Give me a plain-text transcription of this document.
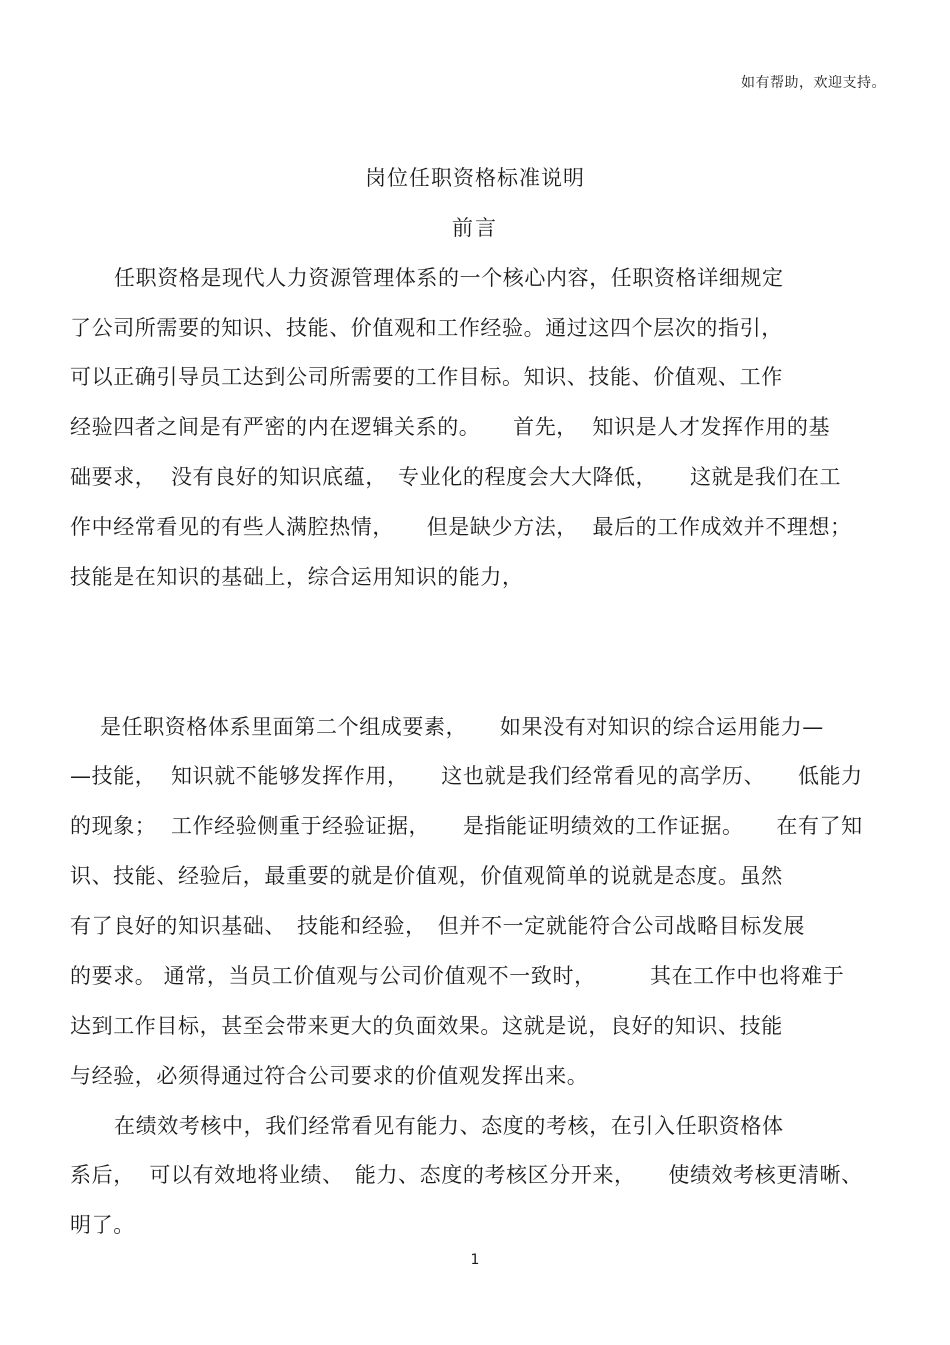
如有帮助，欢迎支持。
岗位任职资格标准说明
前言
任职资格是现代人力资源管理体系的一个核心内容，任职资格详细规定
了公司所需要的知识、技能、价值观和工作经验。通过这四个层次的指引，
可以正确引导员工达到公司所需要的工作目标。知识、技能、价值观、工作
经验四者之间是有严密的内在逻辑关系的。　　首先，  知识是人才发挥作用的基
础要求，  没有良好的知识底蕴，　专业化的程度会大大降低，　　这就是我们在工
作中经常看见的有些人满腔热情，　　但是缺少方法，  最后的工作成效并不理想；
技能是在知识的基础上，综合运用知识的能力，
是任职资格体系里面第二个组成要素，　　如果没有对知识的综合运用能力—
—技能，  知识就不能够发挥作用，　　这也就是我们经常看见的高学历、　　低能力
的现象；  工作经验侧重于经验证据，　　是指能证明绩效的工作证据。　　在有了知
识、技能、经验后，最重要的就是价值观，价值观简单的说就是态度。虽然
有了良好的知识基础、　技能和经验，　但并不一定就能符合公司战略目标发展
的要求。 通常，当员工价值观与公司价值观不一致时，　　　其在工作中也将难于
达到工作目标，甚至会带来更大的负面效果。这就是说，良好的知识、技能
与经验，必须得通过符合公司要求的价值观发挥出来。
在绩效考核中，我们经常看见有能力、态度的考核，在引入任职资格体
系后，  可以有效地将业绩、　能力、态度的考核区分开来，　　使绩效考核更清晰、
明了。
1
